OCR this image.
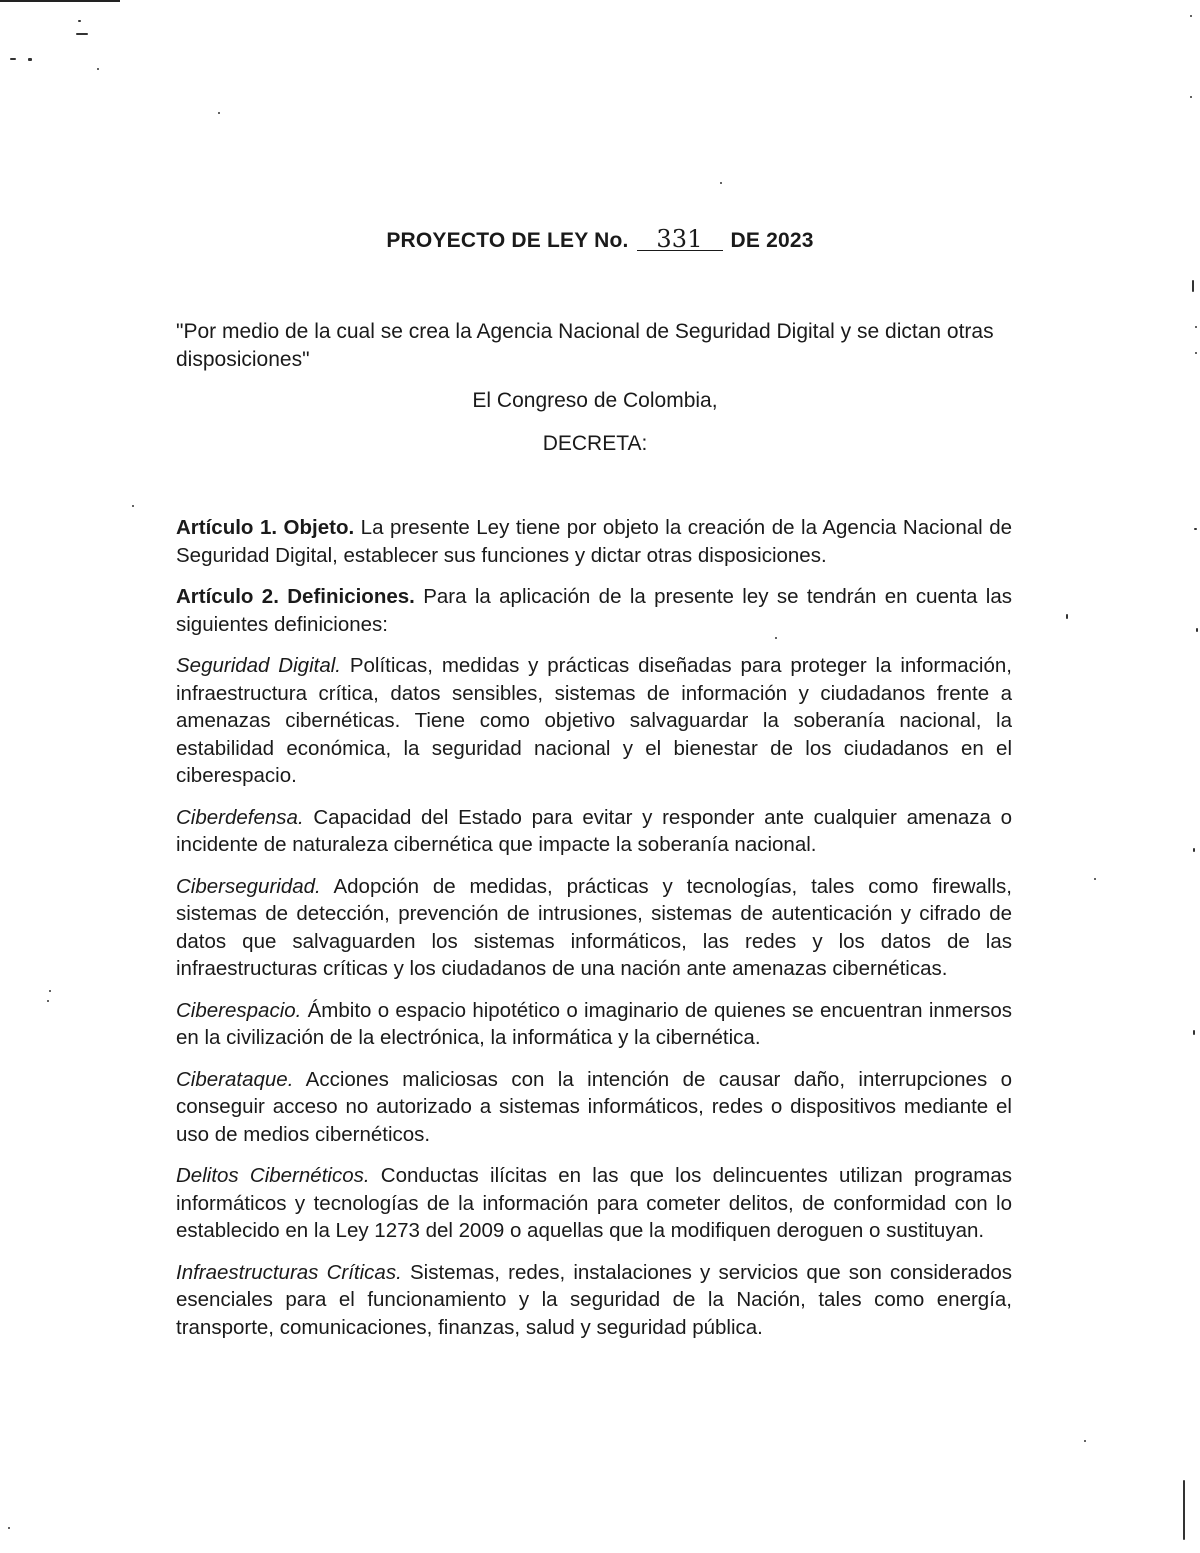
PROYECTO DE LEY No. 331 DE 2023
"Por medio de la cual se crea la Agencia Nacional de Seguridad Digital y se dictan otras disposiciones"
El Congreso de Colombia,
DECRETA:

Artículo 1. Objeto. La presente Ley tiene por objeto la creación de la Agencia Nacional de Seguridad Digital, establecer sus funciones y dictar otras disposiciones.

Artículo 2. Definiciones. Para la aplicación de la presente ley se tendrán en cuenta las siguientes definiciones:

Seguridad Digital. Políticas, medidas y prácticas diseñadas para proteger la información, infraestructura crítica, datos sensibles, sistemas de información y ciudadanos frente a amenazas cibernéticas. Tiene como objetivo salvaguardar la soberanía nacional, la estabilidad económica, la seguridad nacional y el bienestar de los ciudadanos en el ciberespacio.

Ciberdefensa. Capacidad del Estado para evitar y responder ante cualquier amenaza o incidente de naturaleza cibernética que impacte la soberanía nacional.

Ciberseguridad. Adopción de medidas, prácticas y tecnologías, tales como firewalls, sistemas de detección, prevención de intrusiones, sistemas de autenticación y cifrado de datos que salvaguarden los sistemas informáticos, las redes y los datos de las infraestructuras críticas y los ciudadanos de una nación ante amenazas cibernéticas.

Ciberespacio. Ámbito o espacio hipotético o imaginario de quienes se encuentran inmersos en la civilización de la electrónica, la informática y la cibernética.

Ciberataque. Acciones maliciosas con la intención de causar daño, interrupciones o conseguir acceso no autorizado a sistemas informáticos, redes o dispositivos mediante el uso de medios cibernéticos.

Delitos Cibernéticos. Conductas ilícitas en las que los delincuentes utilizan programas informáticos y tecnologías de la información para cometer delitos, de conformidad con lo establecido en la Ley 1273 del 2009 o aquellas que la modifiquen deroguen o sustituyan.

Infraestructuras Críticas. Sistemas, redes, instalaciones y servicios que son considerados esenciales para el funcionamiento y la seguridad de la Nación, tales como energía, transporte, comunicaciones, finanzas, salud y seguridad pública.
